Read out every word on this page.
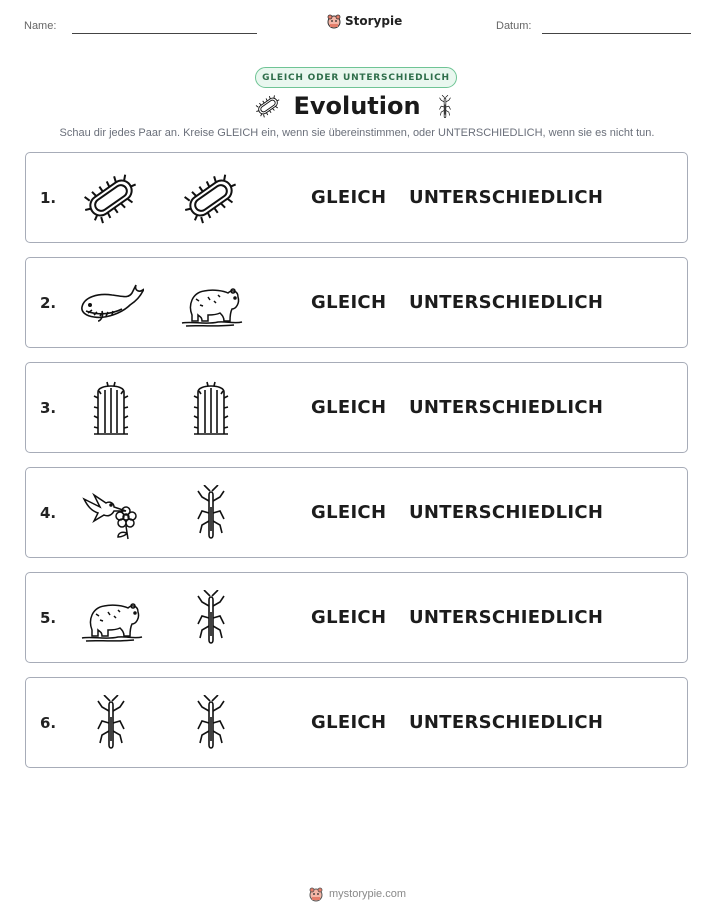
Name:	Storypie	Datum:
GLEICH ODER UNTERSCHIEDLICH
Evolution
Schau dir jedes Paar an. Kreise GLEICH ein, wenn sie übereinstimmen, oder UNTERSCHIEDLICH, wenn sie es nicht tun.
1.	GLEICH UNTERSCHIEDLICH
2.	GLEICH UNTERSCHIEDLICH
3.	GLEICH UNTERSCHIEDLICH
4.	GLEICH UNTERSCHIEDLICH
5.	GLEICH UNTERSCHIEDLICH
6.	GLEICH UNTERSCHIEDLICH
mystorypie.com
